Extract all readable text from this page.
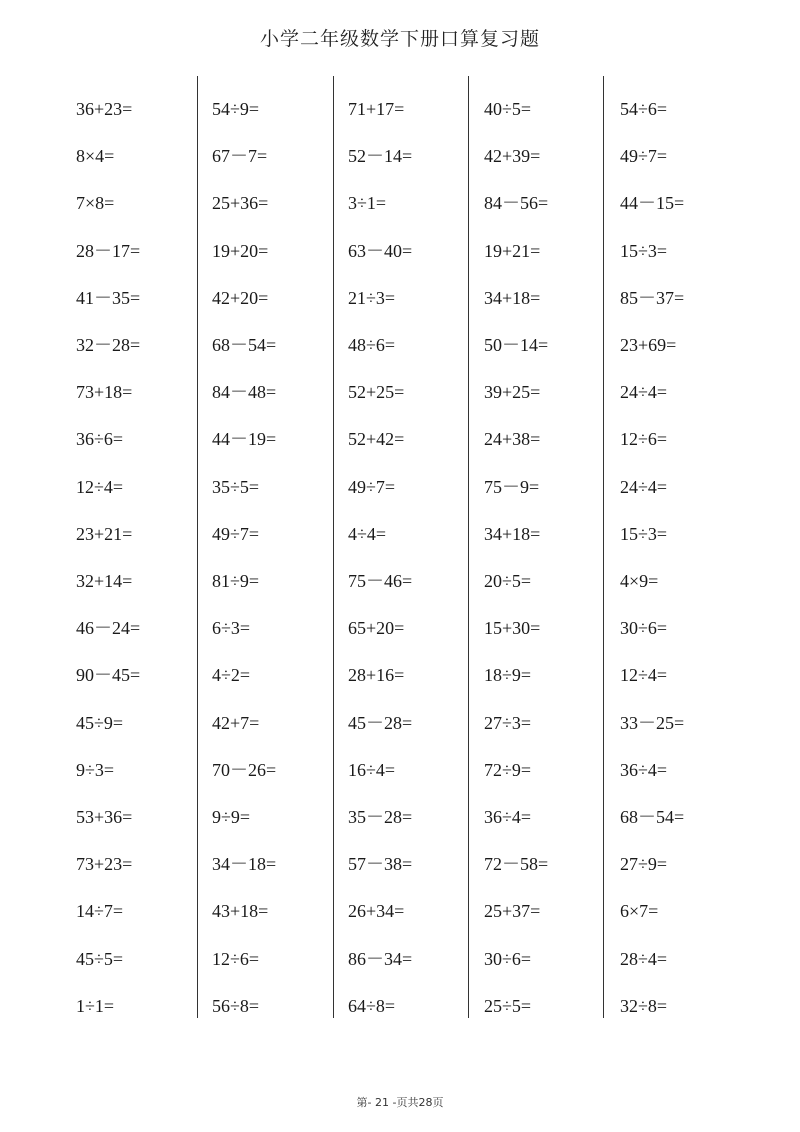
小学二年级数学下册口算复习题
36+23=
8×4=
7×8=
28－17=
41－35=
32－28=
73+18=
36÷6=
12÷4=
23+21=
32+14=
46－24=
90－45=
45÷9=
9÷3=
53+36=
73+23=
14÷7=
45÷5=
1÷1=
54÷9=
67－7=
25+36=
19+20=
42+20=
68－54=
84－48=
44－19=
35÷5=
49÷7=
81÷9=
6÷3=
4÷2=
42+7=
70－26=
9÷9=
34－18=
43+18=
12÷6=
56÷8=
71+17=
52－14=
3÷1=
63－40=
21÷3=
48÷6=
52+25=
52+42=
49÷7=
4÷4=
75－46=
65+20=
28+16=
45－28=
16÷4=
35－28=
57－38=
26+34=
86－34=
64÷8=
40÷5=
42+39=
84－56=
19+21=
34+18=
50－14=
39+25=
24+38=
75－9=
34+18=
20÷5=
15+30=
18÷9=
27÷3=
72÷9=
36÷4=
72－58=
25+37=
30÷6=
25÷5=
54÷6=
49÷7=
44－15=
15÷3=
85－37=
23+69=
24÷4=
12÷6=
24÷4=
15÷3=
4×9=
30÷6=
12÷4=
33－25=
36÷4=
68－54=
27÷9=
6×7=
28÷4=
32÷8=
第- 21 -页共28页
